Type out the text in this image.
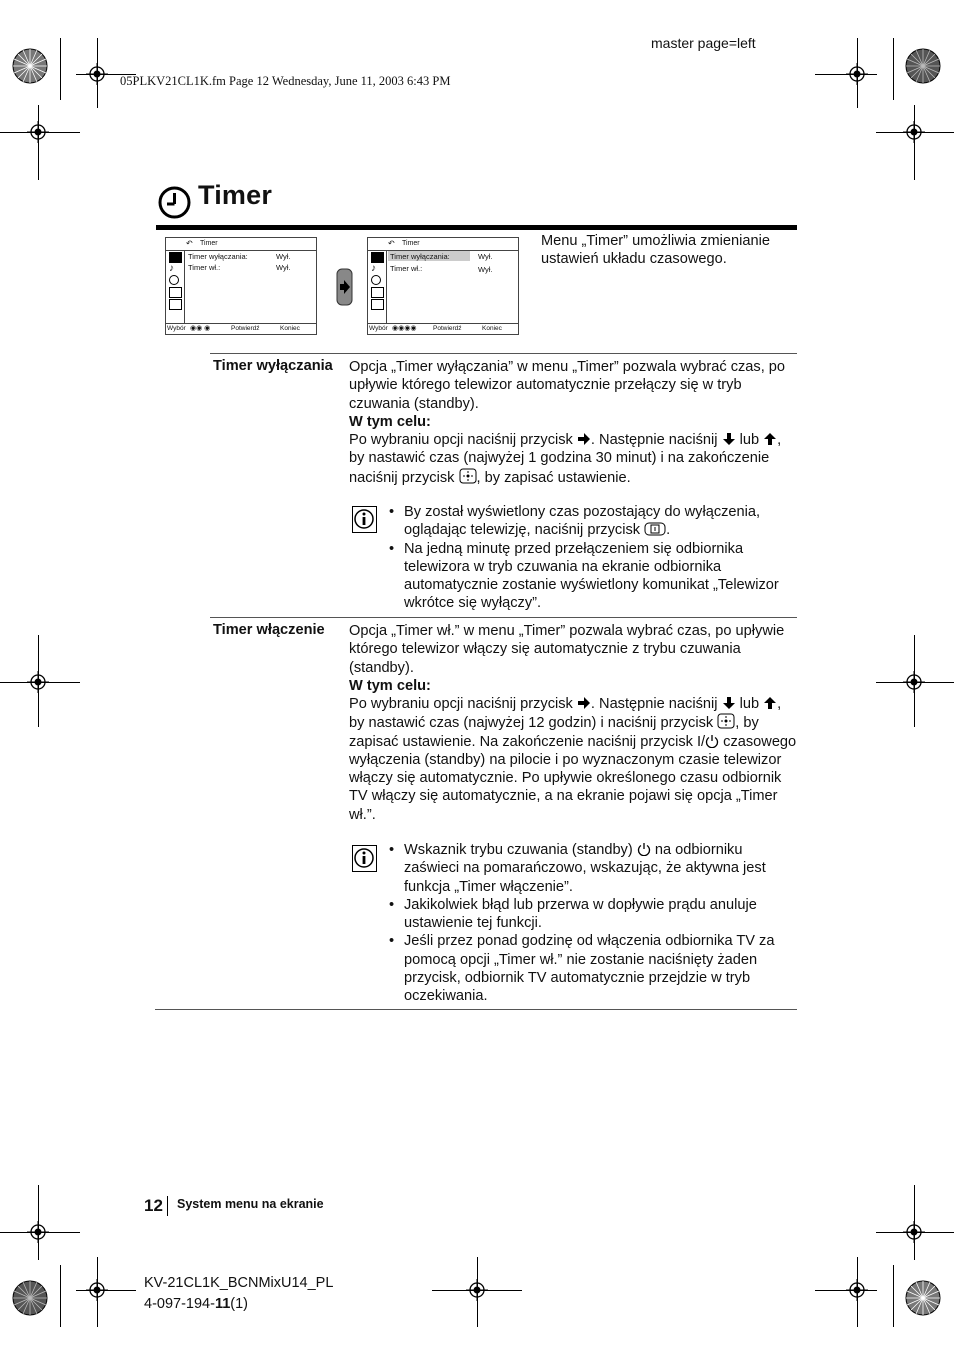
master page=left
05PLKV21CL1K.fm Page 12 Wednesday, June 11, 2003 6:43 PM
Timer
↶ Timer
♪
Timer wyłączania:	Wył.
Timer wł.:	Wył.
Wybór ◉◉ ◉	Potwierdź	Koniec
↶ Timer
♪
Timer wyłączania:	Wył.
Timer wł.:	Wył.
Wybór ◉◉◉◉	Potwierdź	Koniec
Menu „Timer” umożliwia zmienianie ustawień układu czasowego.
Timer wyłączania Opcja „Timer wyłączania” w menu „Timer” pozwala wybrać czas, po upływie którego telewizor automatycznie przełączy się w tryb czuwania (standby).
W tym celu:
Po wybraniu opcji naciśnij przycisk . Następnie naciśnij lub , by nastawić czas (najwyżej 1 godzina 30 minut) i na zakończenie naciśnij przycisk , by zapisać ustawienie.
• By został wyświetlony czas pozostający do wyłączenia, oglądając telewizję, naciśnij przycisk .
• Na jedną minutę przed przełączeniem się odbiornika telewizora w tryb czuwania na ekranie odbiornika automatycznie zostanie wyświetlony komunikat „Telewizor wkrótce się wyłączy”.
Timer włączenie Opcja „Timer wł.” w menu „Timer” pozwala wybrać czas, po upływie którego telewizor włączy się automatycznie z trybu czuwania (standby).
W tym celu:
Po wybraniu opcji naciśnij przycisk . Następnie naciśnij lub , by nastawić czas (najwyżej 12 godzin) i naciśnij przycisk , by zapisać ustawienie. Na zakończenie naciśnij przycisk I/ czasowego wyłączenia (standby) na pilocie i po wyznaczonym czasie telewizor włączy się automatycznie. Po upływie określonego czasu odbiornik TV włączy się automatycznie, a na ekranie pojawi się opcja „Timer wł.”.
• Wskaznik trybu czuwania (standby) na odbiorniku zaświeci na pomarańczowo, wskazując, że aktywna jest funkcja „Timer włączenie”.
• Jakikolwiek błąd lub przerwa w dopływie prądu anuluje ustawienie tej funkcji.
• Jeśli przez ponad godzinę od włączenia odbiornika TV za pomocą opcji „Timer wł.” nie zostanie naciśnięty żaden przycisk, odbiornik TV automatycznie przejdzie w tryb oczekiwania.
12 System menu na ekranie
KV-21CL1K_BCNMixU14_PL
4-097-194-11(1)
